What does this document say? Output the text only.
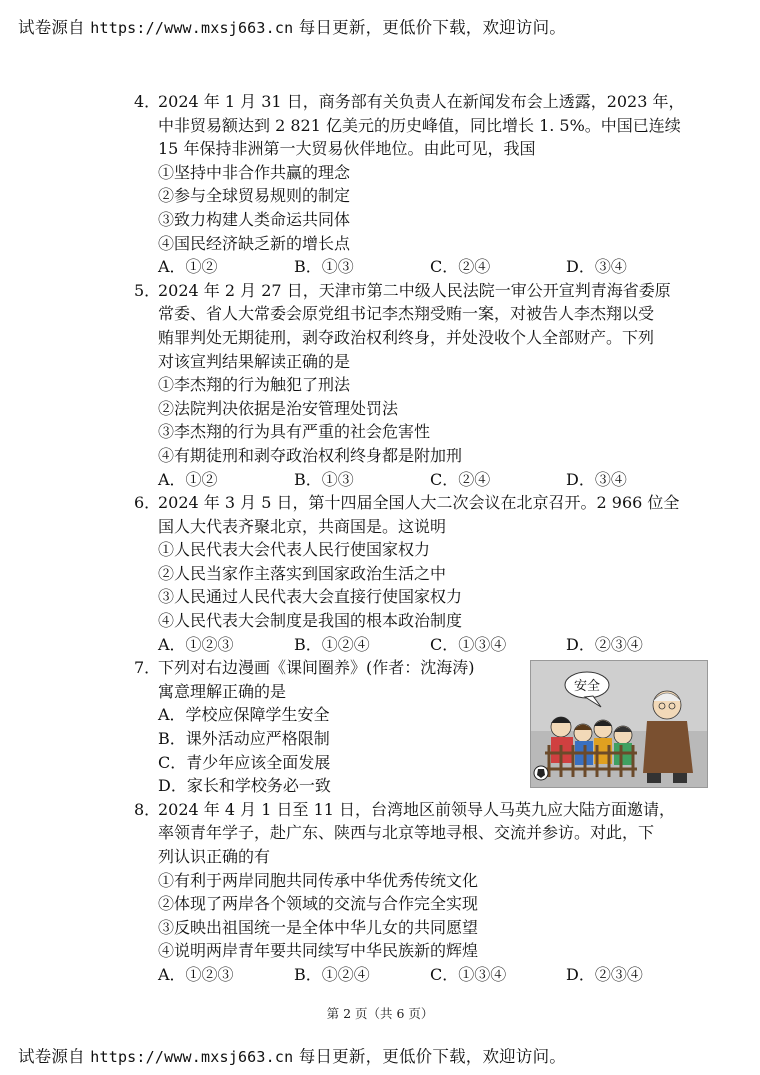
试卷源自 https://www.mxsj663.cn 每日更新，更低价下载，欢迎访问。
4．
2024 年 1 月 31 日，商务部有关负责人在新闻发布会上透露，2023 年，
中非贸易额达到 2 821 亿美元的历史峰值，同比增长 1. 5%。中国已连续
15 年保持非洲第一大贸易伙伴地位。由此可见，我国
①坚持中非合作共赢的理念
②参与全球贸易规则的制定
③致力构建人类命运共同体
④国民经济缺乏新的增长点
A．①②	B．①③	C．②④	D．③④
5．
2024 年 2 月 27 日，天津市第二中级人民法院一审公开宣判青海省委原
常委、省人大常委会原党组书记李杰翔受贿一案，对被告人李杰翔以受
贿罪判处无期徒刑，剥夺政治权利终身，并处没收个人全部财产。下列
对该宣判结果解读正确的是
①李杰翔的行为触犯了刑法
②法院判决依据是治安管理处罚法
③李杰翔的行为具有严重的社会危害性
④有期徒刑和剥夺政治权利终身都是附加刑
A．①②	B．①③	C．②④	D．③④
6．
2024 年 3 月 5 日，第十四届全国人大二次会议在北京召开。2 966 位全
国人大代表齐聚北京，共商国是。这说明
①人民代表大会代表人民行使国家权力
②人民当家作主落实到国家政治生活之中
③人民通过人民代表大会直接行使国家权力
④人民代表大会制度是我国的根本政治制度
A．①②③	B．①②④	C．①③④	D．②③④
7．
下列对右边漫画《课间圈养》(作者：沈海涛)
寓意理解正确的是
A．学校应保障学生安全
B．课外活动应严格限制
C．青少年应该全面发展
D．家长和学校务必一致
安全
8．
2024 年 4 月 1 日至 11 日，台湾地区前领导人马英九应大陆方面邀请，
率领青年学子，赴广东、陕西与北京等地寻根、交流并参访。对此，下
列认识正确的有
①有利于两岸同胞共同传承中华优秀传统文化
②体现了两岸各个领域的交流与合作完全实现
③反映出祖国统一是全体中华儿女的共同愿望
④说明两岸青年要共同续写中华民族新的辉煌
A．①②③	B．①②④	C．①③④	D．②③④
第 2 页（共 6 页）
试卷源自 https://www.mxsj663.cn 每日更新，更低价下载，欢迎访问。
